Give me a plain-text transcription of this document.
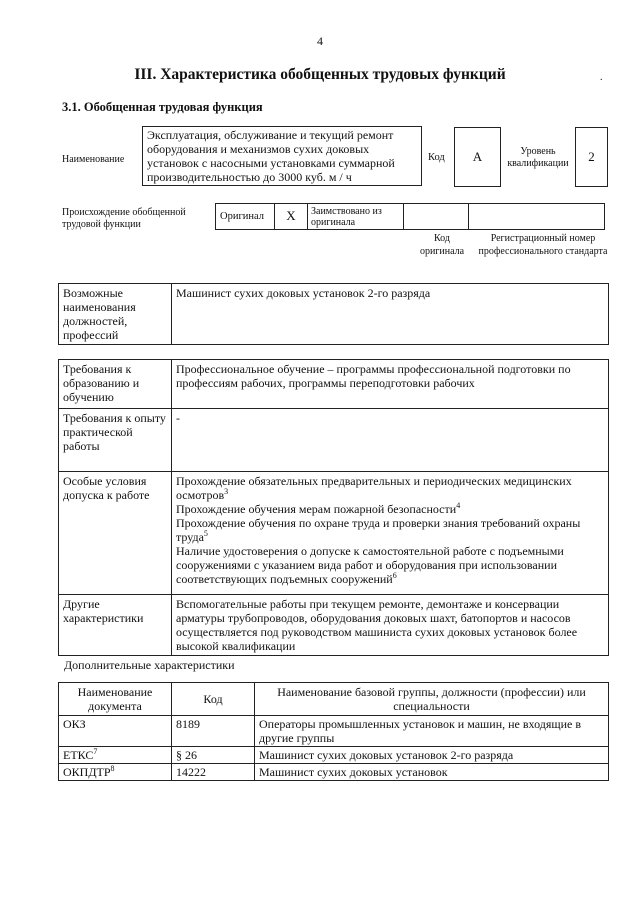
4
III. Характеристика обобщенных трудовых функций	.
3.1. Обобщенная трудовая функция
Наименование
Эксплуатация, обслуживание и текущий ремонт оборудования и механизмов сухих доковых установок с насосными установками суммарной производительностью до 3000 куб. м / ч
Код	А	Уровень квалификации	2
Происхождение обобщенной трудовой функции
Оригинал	X	Заимствовано из оригинала
Код оригинала
Регистрационный номер профессионального стандарта
Возможные наименования должностей, профессий	Машинист сухих доковых установок 2-го разряда
Требования к образованию и обучению	Профессиональное обучение – программы профессиональной подготовки по профессиям рабочих, программы переподготовки рабочих

Требования к опыту практической работы	-

Особые условия допуска к работе	Прохождение обязательных предварительных и периодических медицинских осмотров$^3$
Прохождение обучения мерам пожарной безопасности$^4$
Прохождение обучения по охране труда и проверки знания требований охраны труда$^5$
Наличие удостоверения о допуске к самостоятельной работе с подъемными сооружениями с указанием вида работ и оборудования при использовании соответствующих подъемных сооружений$^6$

Другие характеристики	Вспомогательные работы при текущем ремонте, демонтаже и консервации арматуры трубопроводов, оборудования доковых шахт, батопортов и насосов осуществляется под руководством машиниста сухих доковых установок более высокой квалификации
Дополнительные характеристики
Наименование документа	Код	Наименование базовой группы, должности (профессии) или специальности
ОКЗ	8189	Операторы промышленных установок и машин, не входящие в другие группы
ЕТКС$^7$	§ 26	Машинист сухих доковых установок 2-го разряда
ОКПДТР$^8$	14222	Машинист сухих доковых установок
